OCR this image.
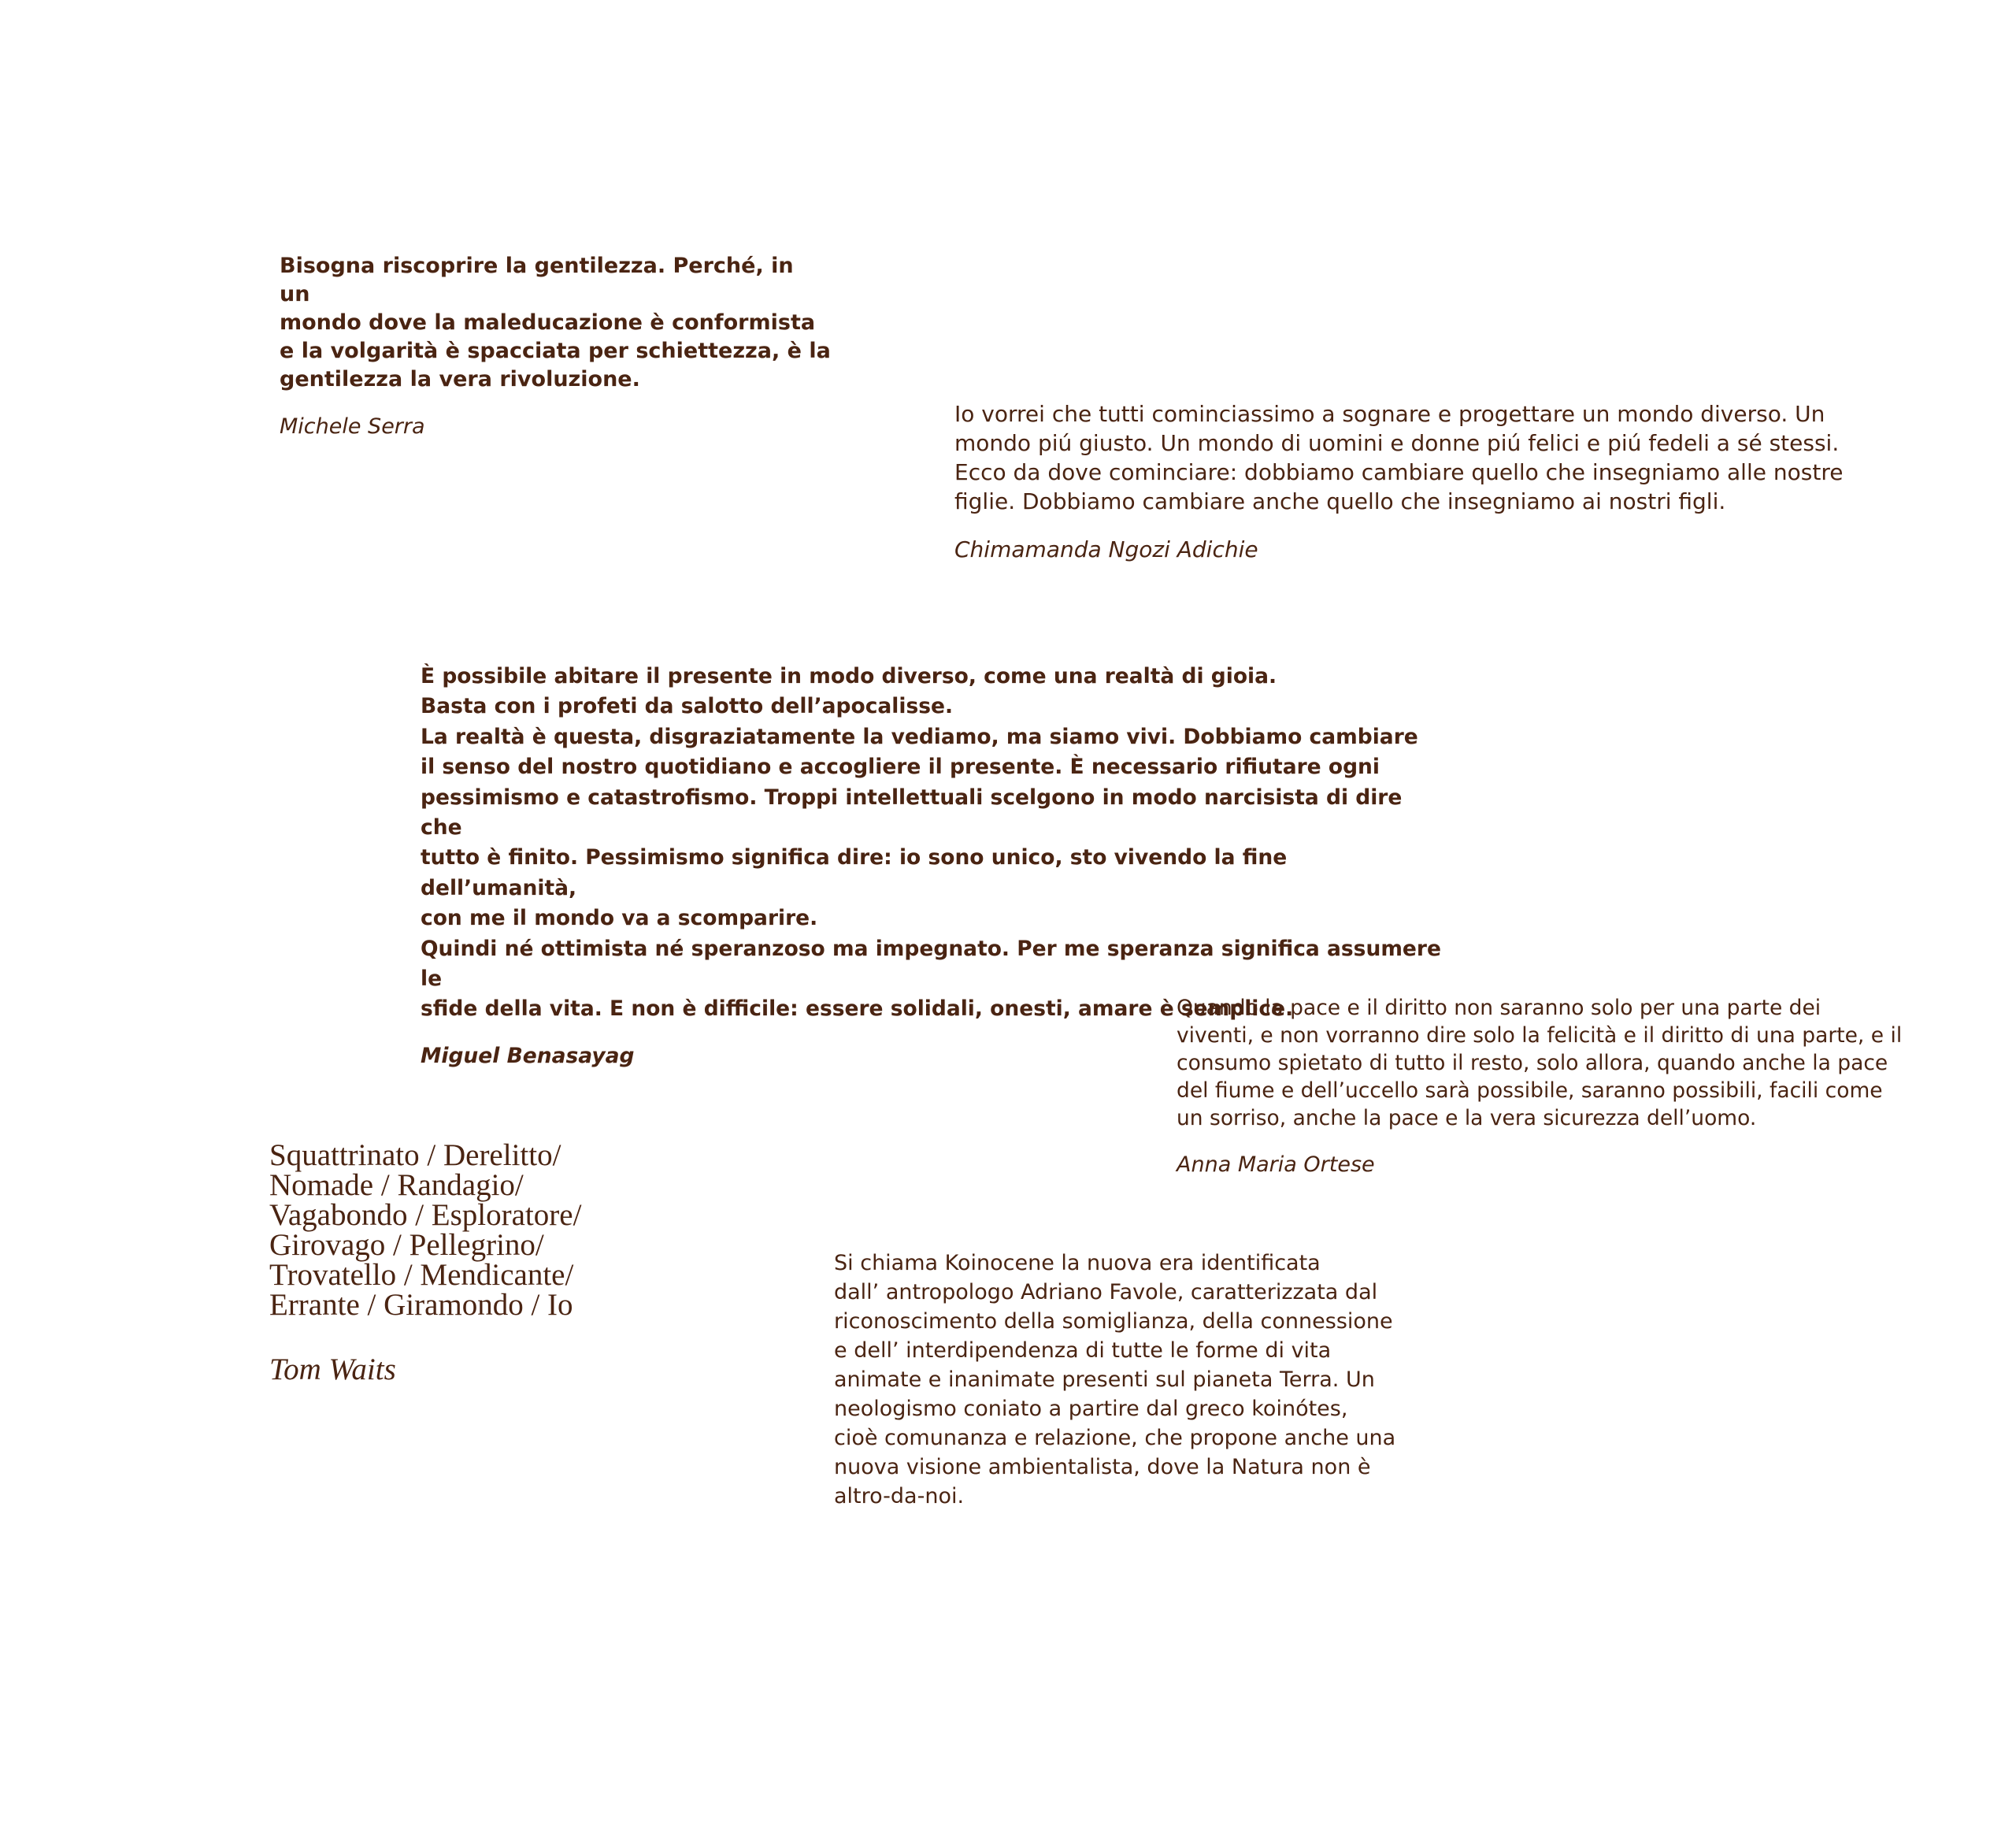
Bisogna riscoprire la gentilezza. Perché, in un
mondo dove la maleducazione è conformista
e la volgarità è spacciata per schiettezza, è la
gentilezza la vera rivoluzione.

Michele Serra	Io vorrei che tutti cominciassimo a sognare e progettare un mondo diverso. Un
mondo piú giusto. Un mondo di uomini e donne piú felici e piú fedeli a sé stessi.
Ecco da dove cominciare: dobbiamo cambiare quello che insegniamo alle nostre
figlie. Dobbiamo cambiare anche quello che insegniamo ai nostri figli.

Chimamanda Ngozi Adichie

È possibile abitare il presente in modo diverso, come una realtà di gioia.
Basta con i profeti da salotto dell’apocalisse.
La realtà è questa, disgraziatamente la vediamo, ma siamo vivi. Dobbiamo cambiare
il senso del nostro quotidiano e accogliere il presente. È necessario rifiutare ogni
pessimismo e catastrofismo. Troppi intellettuali scelgono in modo narcisista di dire che
tutto è finito. Pessimismo significa dire: io sono unico, sto vivendo la fine dell’umanità,
con me il mondo va a scomparire.
Quindi né ottimista né speranzoso ma impegnato. Per me speranza significa assumere le
sfide della vita. E non è difficile: essere solidali, onesti, amare è semplice.

Miguel Benasayag

Quando la pace e il diritto non saranno solo per una parte dei
viventi, e non vorranno dire solo la felicità e il diritto di una parte, e il
consumo spietato di tutto il resto, solo allora, quando anche la pace
del fiume e dell’uccello sarà possibile, saranno possibili, facili come
un sorriso, anche la pace e la vera sicurezza dell’uomo.

Anna Maria Ortese

Squattrinato / Derelitto/
Nomade / Randagio/
Vagabondo / Esploratore/
Girovago / Pellegrino/
Trovatello / Mendicante/
Errante / Giramondo / Io

Tom Waits

Si chiama Koinocene la nuova era identificata
dall’ antropologo Adriano Favole, caratterizzata dal
riconoscimento della somiglianza, della connessione
e dell’ interdipendenza di tutte le forme di vita
animate e inanimate presenti sul pianeta Terra. Un
neologismo coniato a partire dal greco koinótes,
cioè comunanza e relazione, che propone anche una
nuova visione ambientalista, dove la Natura non è
altro-da-noi.
